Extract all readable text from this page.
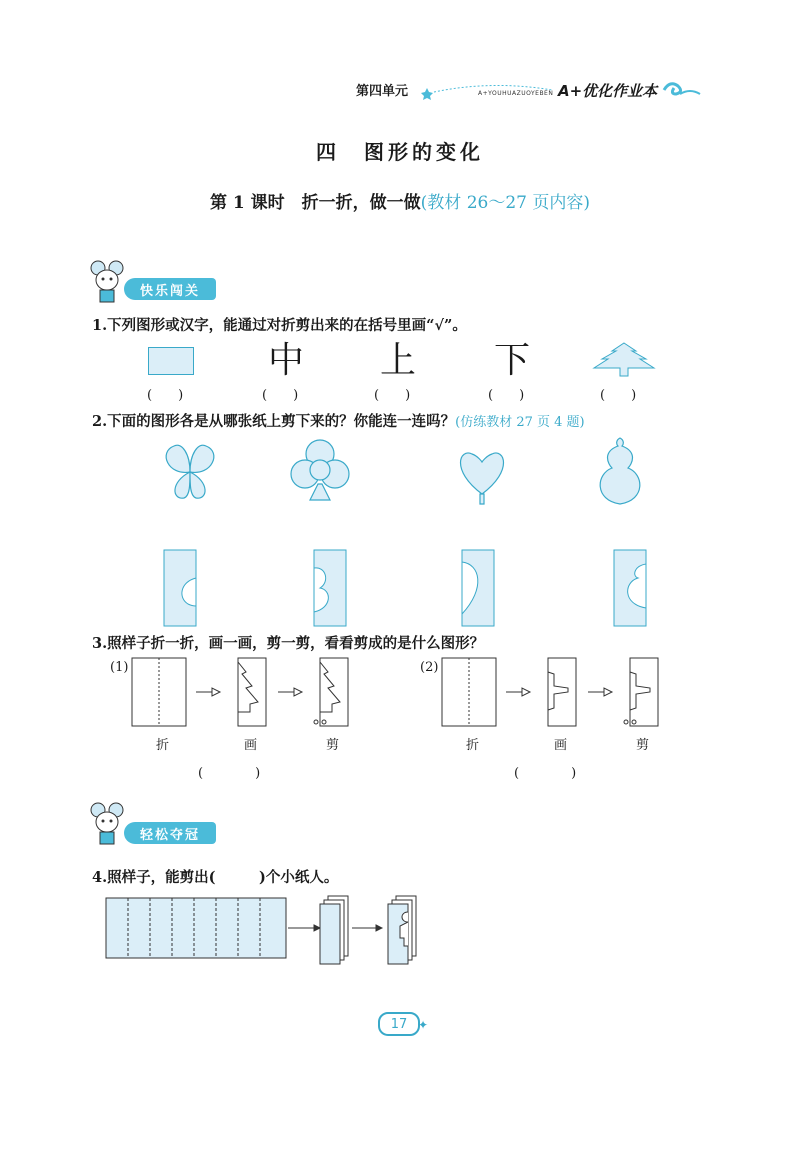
第四单元	A+YOUHUAZUOYEBEN A+优化作业本
四　图形的变化
第 1 课时　折一折，做一做(教材 26～27 页内容)
快乐闯关
1.下列图形或汉字，能通过对折剪出来的在括号里画“√”。
中 上 下
(　　)	(　　)	(　　)	(　　)	(　　)
2.下面的图形各是从哪张纸上剪下来的？你能连一连吗？(仿练教材 27 页 4 题)
3.照样子折一折，画一画，剪一剪，看看剪成的是什么图形？
(1)	(2)
折	画	剪	折	画	剪
(　　　　)	(　　　　)
轻松夺冠
4.照样子，能剪出(　　　)个小纸人。
17 ✦
